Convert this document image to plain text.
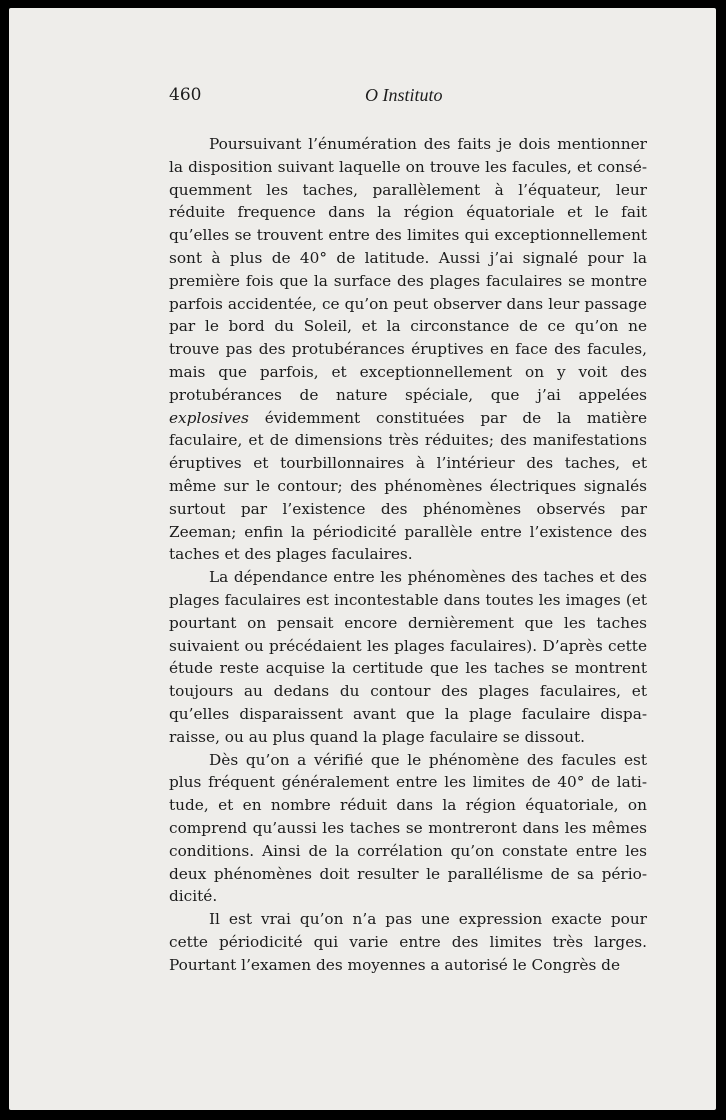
460	O Instituto

Poursuivant l’énumération des faits je dois mentionner la disposition suivant laquelle on trouve les facules, et conséquemment les taches, parallèlement à l’équateur, leur réduite frequence dans la région équatoriale et le fait qu’elles se trouvent entre des limites qui exceptionnellement sont à plus de 40° de latitude. Aussi j’ai signalé pour la première fois que la surface des plages faculaires se montre parfois accidentée, ce qu’on peut observer dans leur passage par le bord du Soleil, et la circonstance de ce qu’on ne trouve pas des protubérances éruptives en face des facules, mais que parfois, et exceptionnellement on y voit des protubérances de nature spéciale, que j’ai appelées explosives évidemment constituées par de la matière faculaire, et de dimensions très réduites; des manifestations éruptives et tourbillonnaires à l’intérieur des taches, et même sur le contour; des phénomènes électriques signalés surtout par l’existence des phénomènes observés par Zeeman; enfin la périodicité parallèle entre l’existence des taches et des plages faculaires.

La dépendance entre les phénomènes des taches et des plages faculaires est incontestable dans toutes les images (et pourtant on pensait encore dernièrement que les taches suivaient ou précédaient les plages faculaires). D’après cette étude reste acquise la certitude que les taches se montrent toujours au dedans du contour des plages faculaires, et qu’elles disparaissent avant que la plage faculaire disparaisse, ou au plus quand la plage faculaire se dissout.

Dès qu’on a vérifié que le phénomène des facules est plus fréquent généralement entre les limites de 40° de latitude, et en nombre réduit dans la région équatoriale, on comprend qu’aussi les taches se montreront dans les mêmes conditions. Ainsi de la corrélation qu’on constate entre les deux phénomènes doit resulter le parallélisme de sa périodicité.

Il est vrai qu’on n’a pas une expression exacte pour cette périodicité qui varie entre des limites très larges. Pourtant l’examen des moyennes a autorisé le Congrès de
